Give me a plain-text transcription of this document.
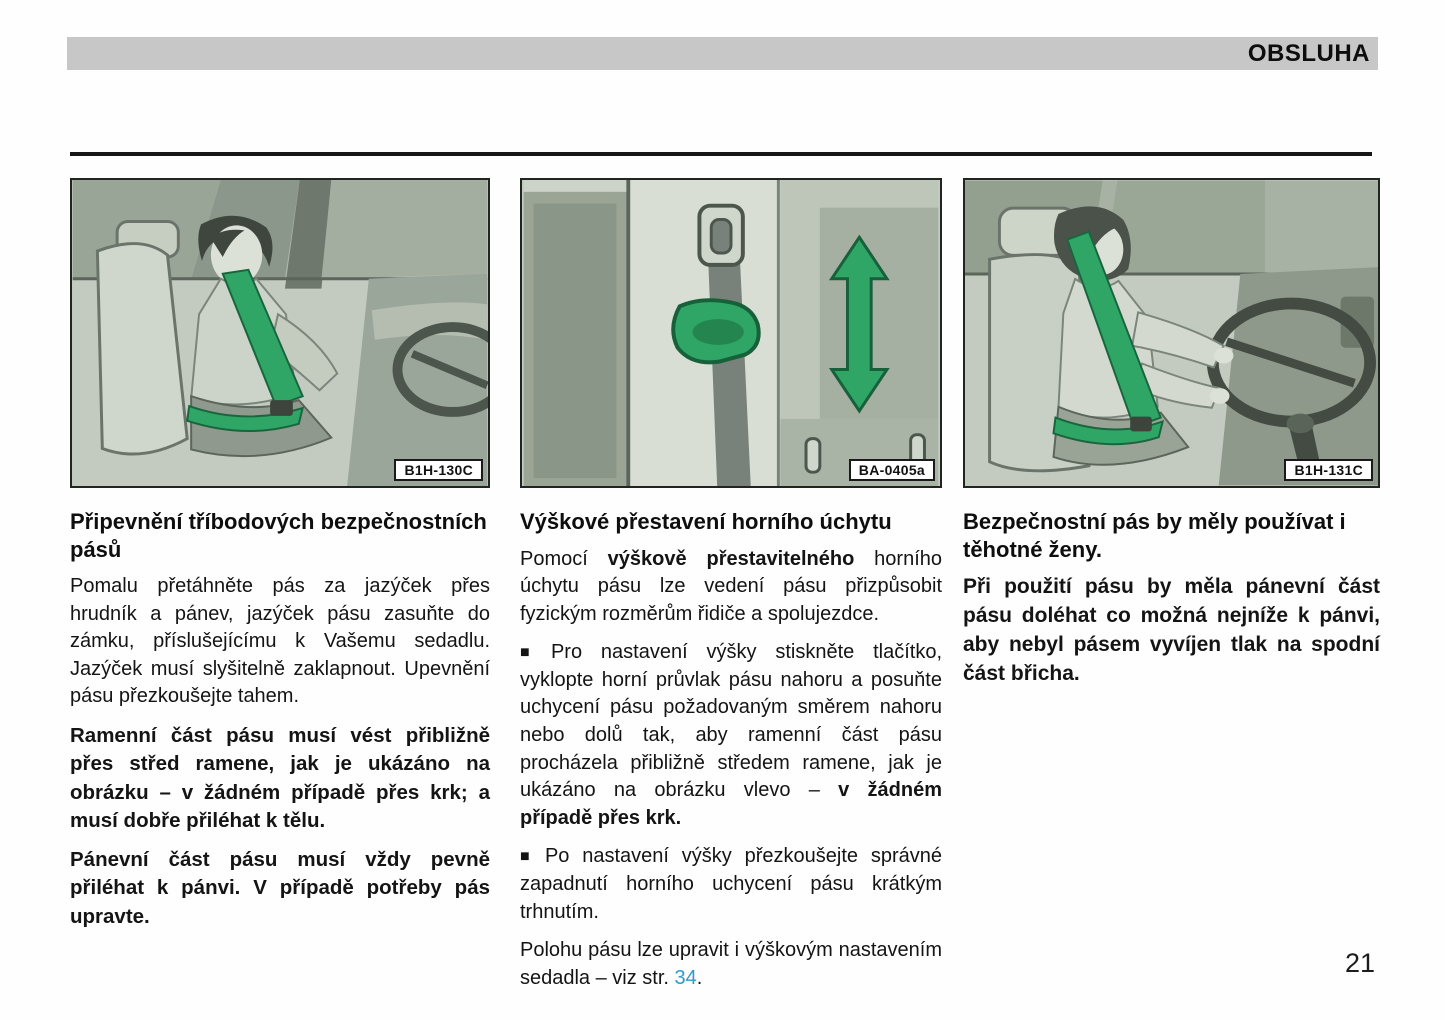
OBSLUHA
B1H-130C
Připevnění tříbodových bezpečnostních pásů

Pomalu přetáhněte pás za jazýček přes hrudník a pánev, jazýček pásu zasuňte do zámku, příslušejícímu k Vašemu sedadlu. Jazýček musí slyšitelně zaklapnout. Upevnění pásu přezkoušejte tahem.

Ramenní část pásu musí vést přibližně přes střed ramene, jak je ukázáno na obrázku – v žádném případě přes krk; a musí dobře přiléhat k tělu.

Pánevní část pásu musí vždy pevně přiléhat k pánvi. V případě potřeby pás upravte.

BA-0405a
Výškové přestavení horního úchytu

Pomocí výškově přestavitelného horního úchytu pásu lze vedení pásu přizpůsobit fyzickým rozměrům řidiče a spolujezdce.

■ Pro nastavení výšky stiskněte tlačítko, vyklopte horní průvlak pásu nahoru a posuňte uchycení pásu požadovaným směrem nahoru nebo dolů tak, aby ramenní část pásu procházela přibližně středem ramene, jak je ukázáno na obrázku vlevo – v žádném případě přes krk.

■ Po nastavení výšky přezkoušejte správné zapadnutí horního uchycení pásu krátkým trhnutím.

Polohu pásu lze upravit i výškovým nastavením sedadla – viz str. 34.

B1H-131C
Bezpečnostní pás by měly používat i těhotné ženy.

Při použití pásu by měla pánevní část pásu doléhat co možná nejníže k pánvi, aby nebyl pásem vyvíjen tlak na spodní část břicha.

21
